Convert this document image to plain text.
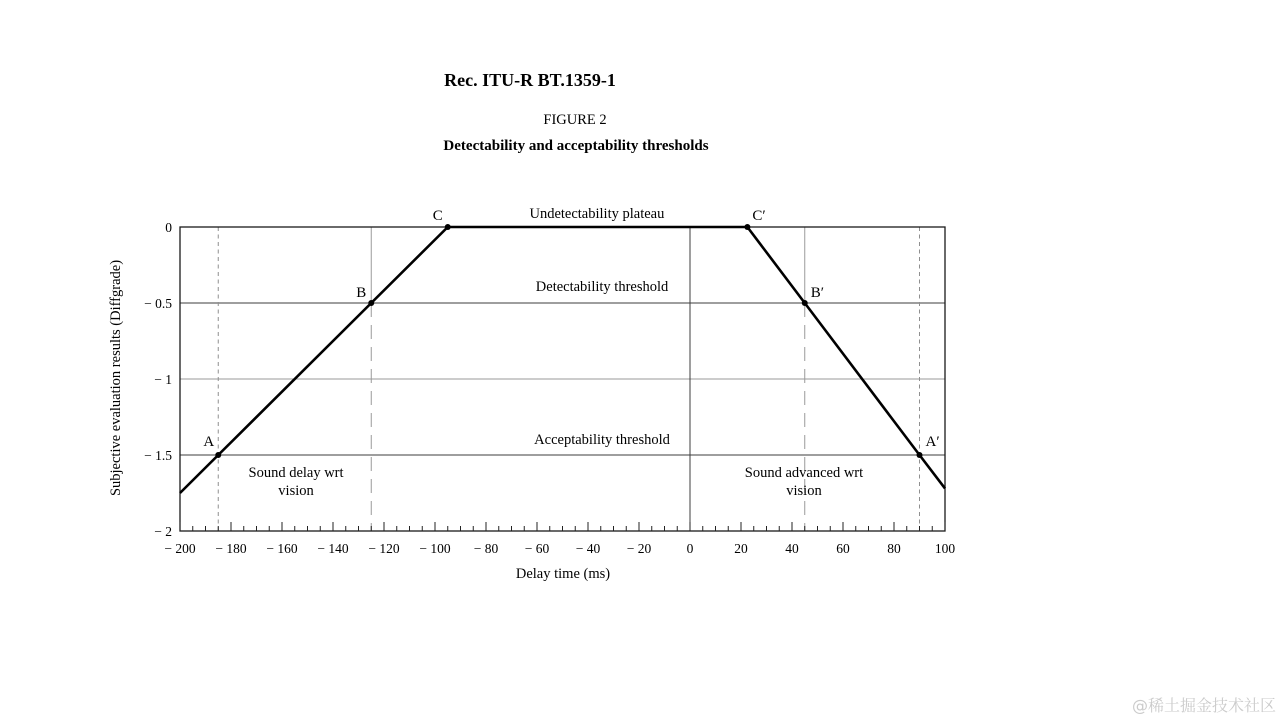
Rec. ITU-R BT.1359-1
FIGURE 2
Detectability and acceptability thresholds
− 200 − 180 − 160 − 140 − 120 − 100 − 80 − 60 − 40 − 20	0	20	40	60	80	100
0
− 0.5
− 1
− 1.5
− 2
A
B
C	C′
B′
A′
Undetectability plateau
Detectability threshold
Acceptability threshold
Sound delay wrt vision
Sound advanced wrt vision
Delay time (ms)
Subjective evaluation results (Diffgrade)
@稀土掘金技术社区
